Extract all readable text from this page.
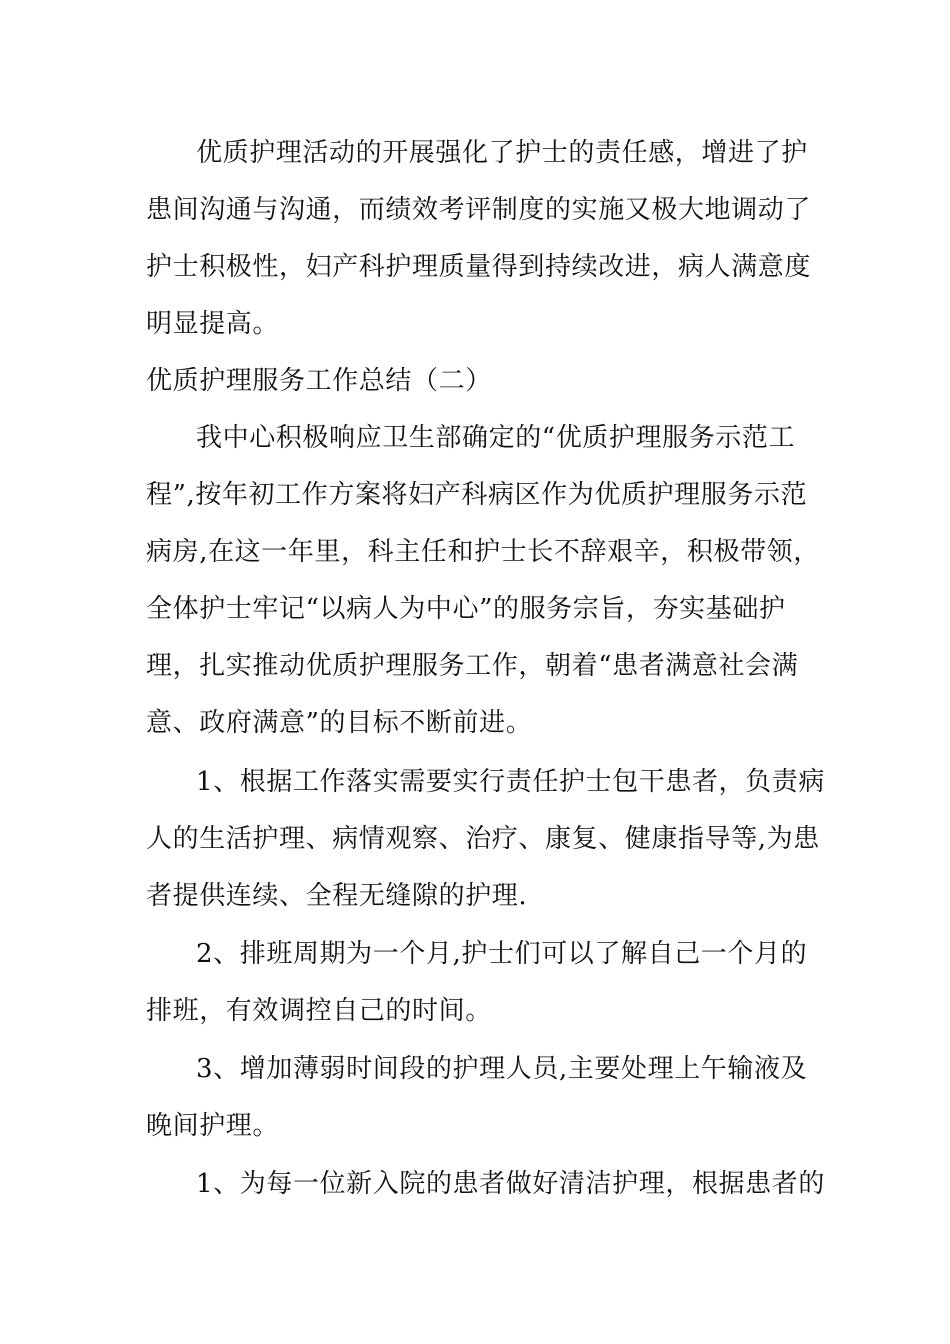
优质护理活动的开展强化了护士的责任感，增进了护
患间沟通与沟通，而绩效考评制度的实施又极大地调动了
护士积极性，妇产科护理质量得到持续改进，病人满意度
明显提高。
优质护理服务工作总结（二）
我中心积极响应卫生部确定的“优质护理服务示范工
程”,按年初工作方案将妇产科病区作为优质护理服务示范
病房,在这一年里，科主任和护士长不辞艰辛，积极带领，
全体护士牢记“以病人为中心”的服务宗旨，夯实基础护
理，扎实推动优质护理服务工作，朝着“患者满意社会满
意、政府满意”的目标不断前进。
1、根据工作落实需要实行责任护士包干患者，负责病
人的生活护理、病情观察、治疗、康复、健康指导等,为患
者提供连续、全程无缝隙的护理.
2、排班周期为一个月,护士们可以了解自己一个月的
排班，有效调控自己的时间。
3、增加薄弱时间段的护理人员,主要处理上午输液及
晚间护理。
1、为每一位新入院的患者做好清洁护理，根据患者的
